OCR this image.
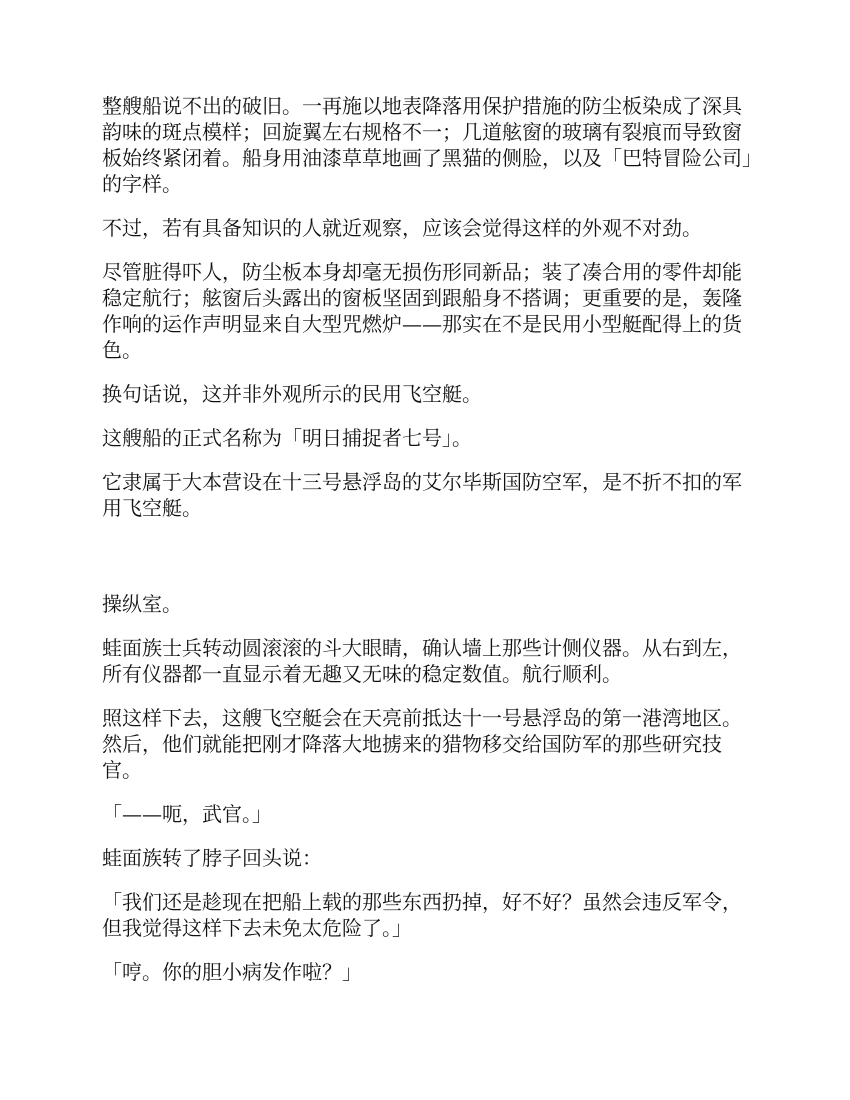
整艘船说不出的破旧。一再施以地表降落用保护措施的防尘板染成了深具韵味的斑点模样；回旋翼左右规格不一；几道舷窗的玻璃有裂痕而导致窗板始终紧闭着。船身用油漆草草地画了黑猫的侧脸，以及「巴特冒险公司」的字样。

不过，若有具备知识的人就近观察，应该会觉得这样的外观不对劲。

尽管脏得吓人，防尘板本身却毫无损伤形同新品；装了凑合用的零件却能稳定航行；舷窗后头露出的窗板坚固到跟船身不搭调；更重要的是，轰隆作响的运作声明显来自大型咒燃炉——那实在不是民用小型艇配得上的货色。

换句话说，这并非外观所示的民用飞空艇。

这艘船的正式名称为「明日捕捉者七号」。

它隶属于大本营设在十三号悬浮岛的艾尔毕斯国防空军，是不折不扣的军用飞空艇。

操纵室。

蛙面族士兵转动圆滚滚的斗大眼睛，确认墙上那些计侧仪器。从右到左，所有仪器都一直显示着无趣又无味的稳定数值。航行顺利。

照这样下去，这艘飞空艇会在天亮前抵达十一号悬浮岛的第一港湾地区。然后，他们就能把刚才降落大地掳来的猎物移交给国防军的那些研究技官。

「——呃，武官。」

蛙面族转了脖子回头说：

「我们还是趁现在把船上载的那些东西扔掉，好不好？虽然会违反军令，但我觉得这样下去未免太危险了。」

「哼。你的胆小病发作啦？」
